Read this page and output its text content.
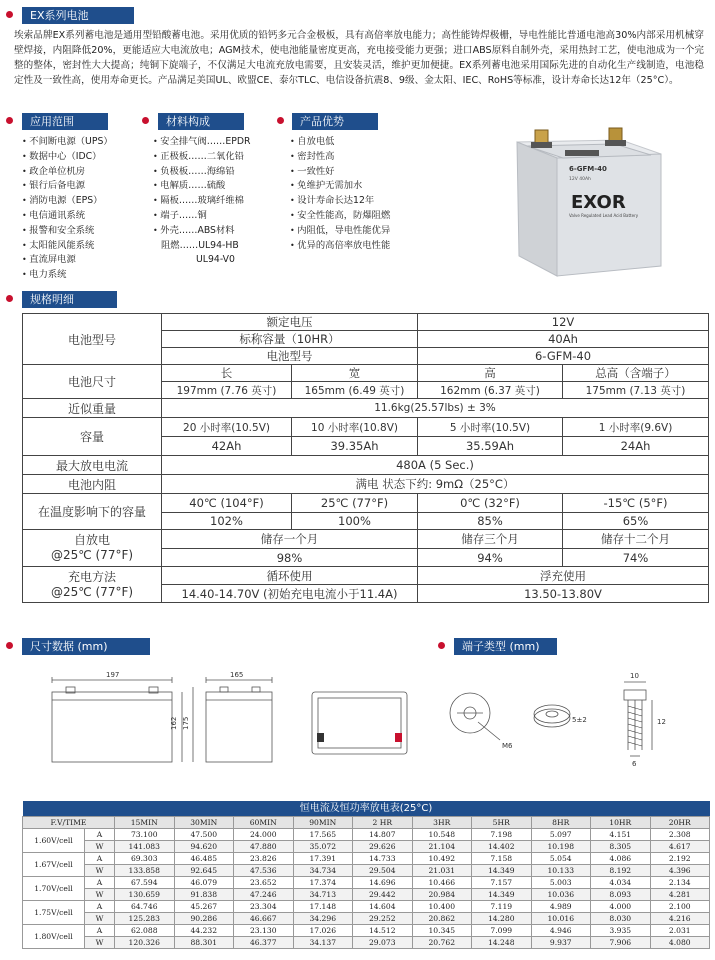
EX系列电池
埃索品牌EX系列蓄电池是通用型铅酸蓄电池。采用优质的铅钙多元合金极板，具有高倍率放电能力；高性能铸焊极栅，导电性能比普通电池高30%内部采用机械穿壁焊接，内阻降低20%，更能适应大电流放电；AGM技术，使电池能量密度更高，充电接受能力更强；进口ABS原料自制外壳，采用热封工艺，使电池成为一个完整的整体，密封性大大提高；纯铜下旋端子，不仅满足大电流充放电需要，且安装灵活，维护更加便捷。EX系列蓄电池采用国际先进的自动化生产线制造，电池稳定性及一致性高，使用寿命更长。产品满足美国UL、欧盟CE、泰尔TLC、电信设备抗震8、9级、金太阳、IEC、RoHS等标准，设计寿命长达12年（25°C）。
应用范围
• 不间断电源（UPS）
• 数据中心（IDC）
• 政企单位机房
• 银行后备电源
• 消防电源（EPS）
• 电信通讯系统
• 报警和安全系统
• 太阳能风能系统
• 直流屏电源
• 电力系统
材料构成
• 安全排气阀……EPDR
• 正极板……二氧化铅
• 负极板……海绵铅
• 电解质……硫酸
• 隔板……玻璃纤维棉
• 端子……铜
• 外壳……ABS材料
阻燃……UL94-HB
UL94-V0
产品优势
• 自放电低
• 密封性高
• 一致性好
• 免维护无需加水
• 设计寿命长达12年
• 安全性能高，防爆阻燃
• 内阻低，导电性能优异
• 优异的高倍率放电性能
6-GFM-40
12V 40Ah
EXOR
Valve Regulated Lead Acid Battery
规格明细
电池型号	额定电压		12V	
	标称容量（10HR）		40Ah	
	电池型号		6-GFM-40	
电池尺寸	长	宽	高	总高（含端子）
	197mm (7.76 英寸)	165mm (6.49 英寸)	162mm (6.37 英寸)	175mm (7.13 英寸)
近似重量	11.6kg(25.57lbs) ± 3%			
容量	20 小时率(10.5V)	10 小时率(10.8V)	5 小时率(10.5V)	1 小时率(9.6V)
	42Ah	39.35Ah	35.59Ah	24Ah
最大放电电流	480A (5 Sec.)			
电池内阻	满电 状态下约: 9mΩ（25°C）			
在温度影响下的容量	40℃ (104°F)	25℃ (77°F)	0℃ (32°F)	-15℃ (5°F)
	102%	100%	85%	65%
自放电
@25℃ (77°F)	储存一个月		储存三个月	储存十二个月
	98%		94%	74%
充电方法
@25℃ (77°F)	循环使用		浮充使用	
	14.40-14.70V (初始充电电流小于11.4A)		13.50-13.80V	
尺寸数据 (mm)	端子类型 (mm)
197	165
162 175
M6
5±2
10
12
6
恒电流及恒功率放电表(25°C)											
F.V/TIME		15MIN	30MIN	60MIN	90MIN	2 HR	3HR	5HR	8HR	10HR	20HR
1.60V/cell	A	73.100	47.500	24.000	17.565	14.807	10.548	7.198	5.097	4.151	2.308
	W	141.083	94.620	47.880	35.072	29.626	21.104	14.402	10.198	8.305	4.617
1.67V/cell	A	69.303	46.485	23.826	17.391	14.733	10.492	7.158	5.054	4.086	2.192
	W	133.858	92.645	47.536	34.734	29.504	21.031	14.349	10.133	8.192	4.396
1.70V/cell	A	67.594	46.079	23.652	17.374	14.696	10.466	7.157	5.003	4.034	2.134
	W	130.659	91.838	47.246	34.713	29.442	20.984	14.349	10.036	8.093	4.281
1.75V/cell	A	64.746	45.267	23.304	17.148	14.604	10.400	7.119	4.989	4.000	2.100
	W	125.283	90.286	46.667	34.296	29.252	20.862	14.280	10.016	8.030	4.216
1.80V/cell	A	62.088	44.232	23.130	17.026	14.512	10.345	7.099	4.946	3.935	2.031
	W	120.326	88.301	46.377	34.137	29.073	20.762	14.248	9.937	7.906	4.080
